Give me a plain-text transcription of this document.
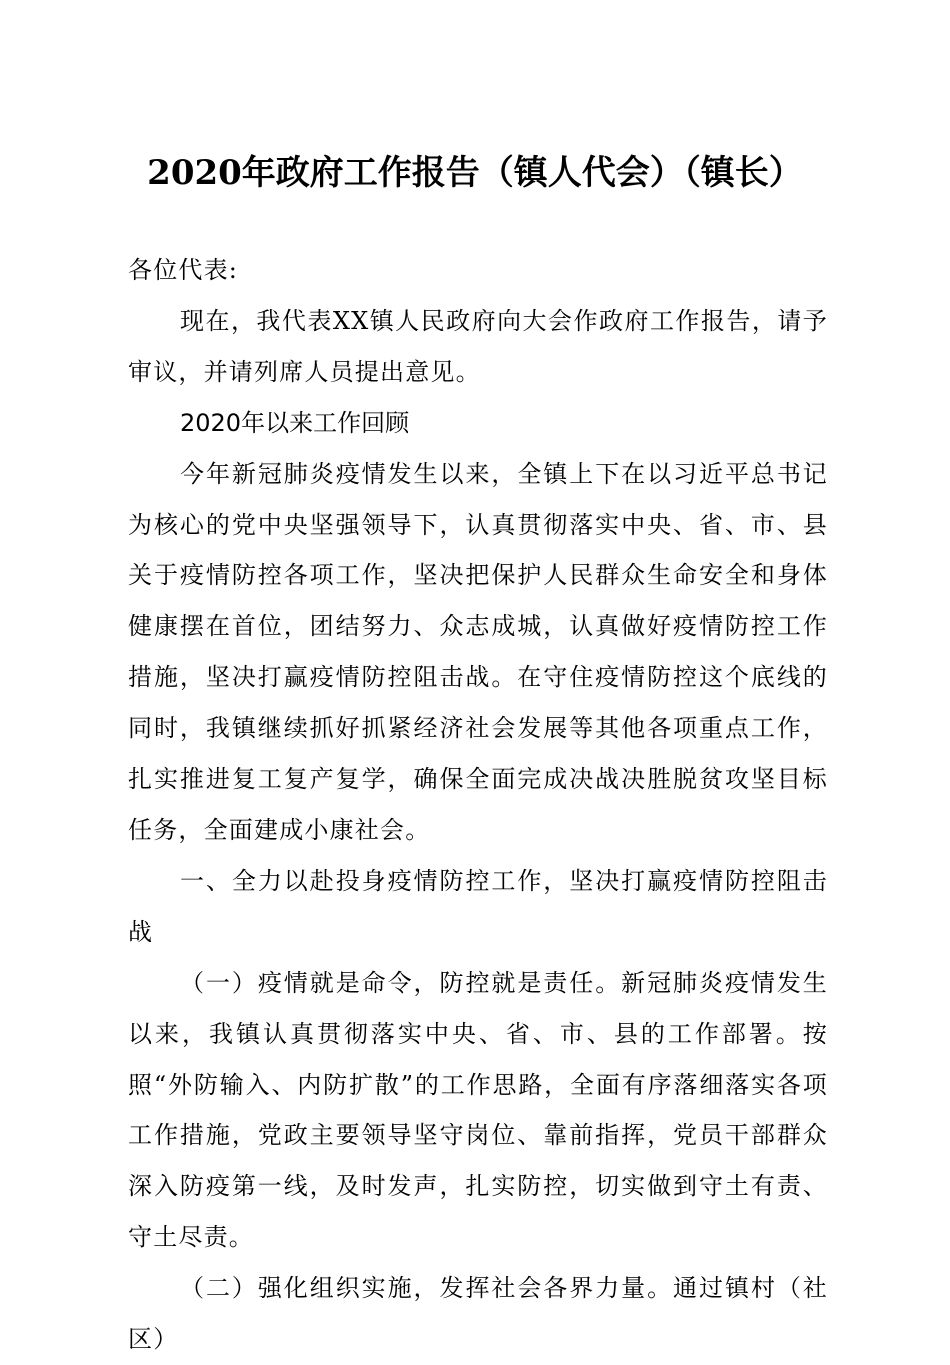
2020年政府工作报告（镇人代会）（镇长）

各位代表:

现在，我代表XX镇人民政府向大会作政府工作报告，请予审议，并请列席人员提出意见。

2020年以来工作回顾

今年新冠肺炎疫情发生以来，全镇上下在以习近平总书记为核心的党中央坚强领导下，认真贯彻落实中央、省、市、县关于疫情防控各项工作，坚决把保护人民群众生命安全和身体健康摆在首位，团结努力、众志成城，认真做好疫情防控工作措施，坚决打赢疫情防控阻击战。在守住疫情防控这个底线的同时，我镇继续抓好抓紧经济社会发展等其他各项重点工作，扎实推进复工复产复学，确保全面完成决战决胜脱贫攻坚目标任务，全面建成小康社会。

一、全力以赴投身疫情防控工作，坚决打赢疫情防控阻击战

（一）疫情就是命令，防控就是责任。新冠肺炎疫情发生以来，我镇认真贯彻落实中央、省、市、县的工作部署。按照“外防输入、内防扩散”的工作思路，全面有序落细落实各项工作措施，党政主要领导坚守岗位、靠前指挥，党员干部群众深入防疫第一线，及时发声，扎实防控，切实做到守土有责、守土尽责。

（二）强化组织实施，发挥社会各界力量。通过镇村（社区）
